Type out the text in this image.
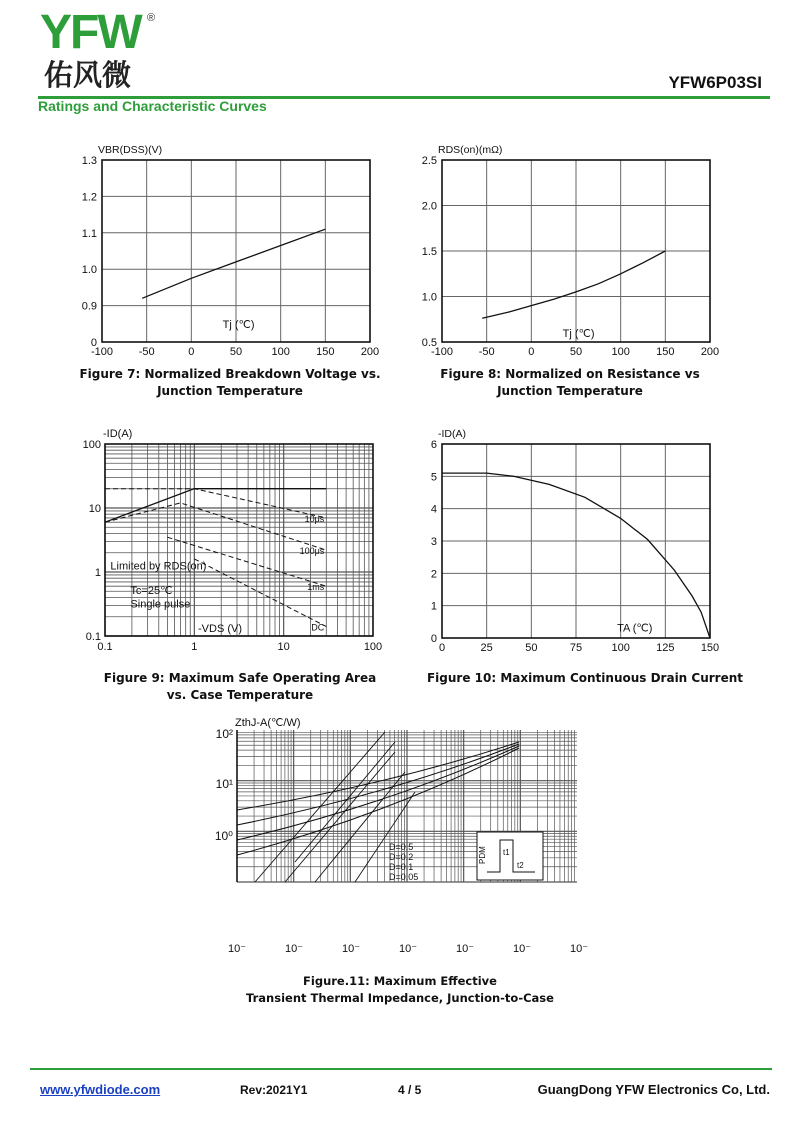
YFW ®
佑风微	YFW6P03SI
Ratings and Characteristic Curves
-100 -50	0	50	100 150 200
0
0.9
1.0
1.1
1.2
1.3
VBR(DSS)(V)
Tj (℃)
Figure 7: Normalized Breakdown Voltage vs.
Junction Temperature
-100 -50	0	50	100 150 200
0.5
1.0
1.5
2.0
2.5
RDS(on)(mΩ)
Tj (℃)
Figure 8: Normalized on Resistance vs
Junction Temperature
0.1	1	10	100
0.1
1
10
100
-ID(A)
-VDS (V)
10μs
100μs
1ms
DC
Limited by RDS(on)
Tc=25℃
Single pulse
Figure 9: Maximum Safe Operating Area
vs. Case Temperature
0	25	50	75	100 125 150
0
1
2
3
4
5
6
-ID(A)
TA (℃)
Figure 10: Maximum Continuous Drain Current
ZthJ-A(℃/W)
10²
10¹
10⁰
10⁻	10⁻	10⁻	10⁻	10⁻	10⁻	10⁻
D=0.5
D=0.2
D=0.1
D=0.05
PDM t1
t2
Figure.11: Maximum Effective
Transient Thermal Impedance, Junction-to-Case
www.yfwdiode.com	Rev:2021Y1	4 / 5	GuangDong YFW Electronics Co, Ltd.
